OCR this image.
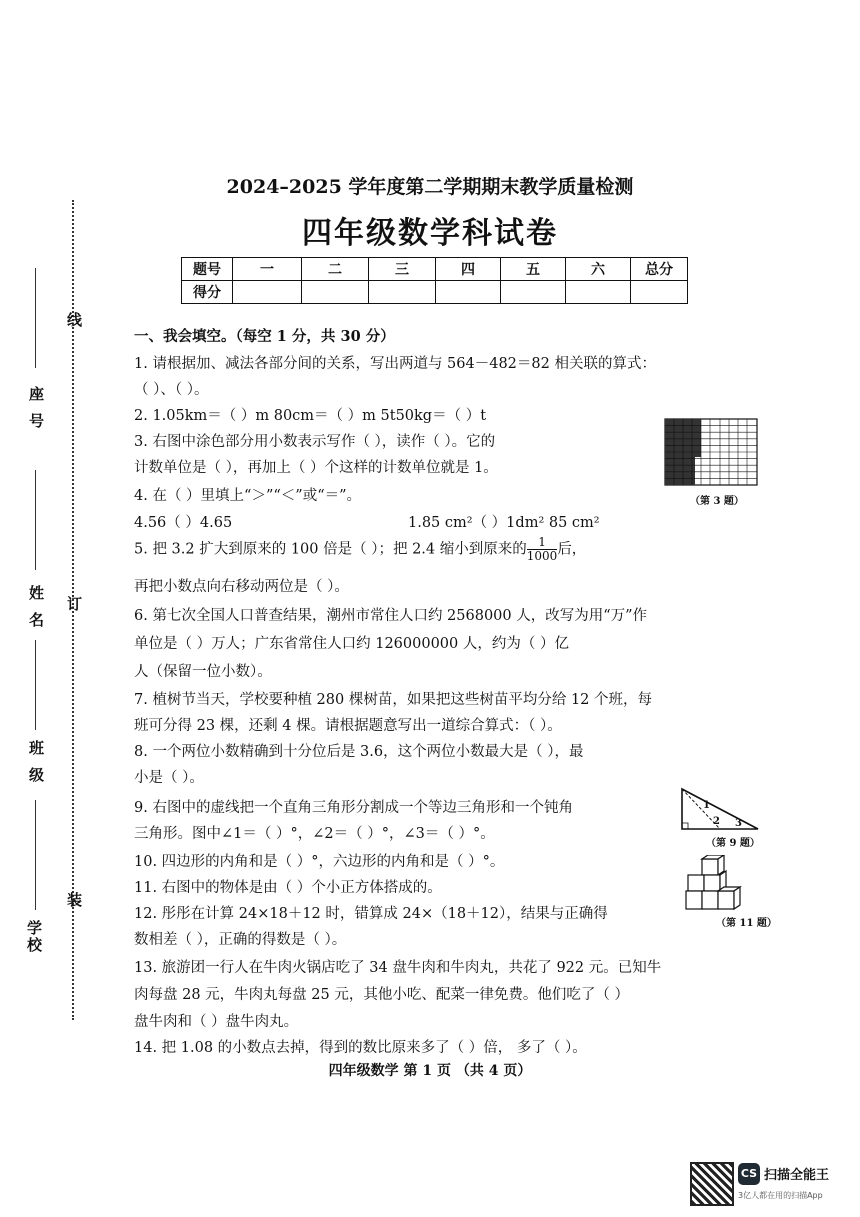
线
订
装
座号
姓名
班级
学校
2024–2025 学年度第二学期期末教学质量检测
四年级数学科试卷
题号	一	二	三	四	五	六	总分
得分							
一、我会填空。（每空 1 分，共 30 分）
1. 请根据加、减法各部分间的关系，写出两道与 564－482＝82 相关联的算式：
（ ）、（ ）。
2. 1.05km＝（ ）m 80cm＝（ ）m 5t50kg＝（ ）t
3. 右图中涂色部分用小数表示写作（ ），读作（ ）。它的
计数单位是（ ），再加上（ ）个这样的计数单位就是 1。
4. 在（ ）里填上“＞”“＜”或“＝”。
4.56（ ）4.65	1.85 cm²（ ）1dm² 85 cm²
5. 把 3.2 扩大到原来的 100 倍是（ ）；把 2.4 缩小到原来的 $\frac{1}{1000}$ 后，
再把小数点向右移动两位是（ ）。
6. 第七次全国人口普查结果，潮州市常住人口约 2568000 人，改写为用“万”作
单位是（ ）万人；广东省常住人口约 126000000 人，约为（ ）亿
人（保留一位小数）。
7. 植树节当天，学校要种植 280 棵树苗，如果把这些树苗平均分给 12 个班，每
班可分得 23 棵，还剩 4 棵。请根据题意写出一道综合算式：（ ）。
8. 一个两位小数精确到十分位后是 3.6，这个两位小数最大是（ ），最
小是（ ）。
9. 右图中的虚线把一个直角三角形分割成一个等边三角形和一个钝角
三角形。图中∠1＝（ ）°，∠2＝（ ）°，∠3＝（ ）°。
10. 四边形的内角和是（ ）°，六边形的内角和是（ ）°。
11. 右图中的物体是由（ ）个小正方体搭成的。
12. 彤彤在计算 24×18＋12 时，错算成 24×（18＋12），结果与正确得
数相差（ ），正确的得数是（ ）。
13. 旅游团一行人在牛肉火锅店吃了 34 盘牛肉和牛肉丸，共花了 922 元。已知牛
肉每盘 28 元，牛肉丸每盘 25 元，其他小吃、配菜一律免费。他们吃了（ ）
盘牛肉和（ ）盘牛肉丸。
14. 把 1.08 的小数点去掉，得到的数比原来多了（ ）倍， 多了（ ）。
（第 3 题）
1
2 3
（第 9 题）
（第 11 题）
四年级数学 第 1 页 （共 4 页）
CS 扫描全能王
3亿人都在用的扫描App
